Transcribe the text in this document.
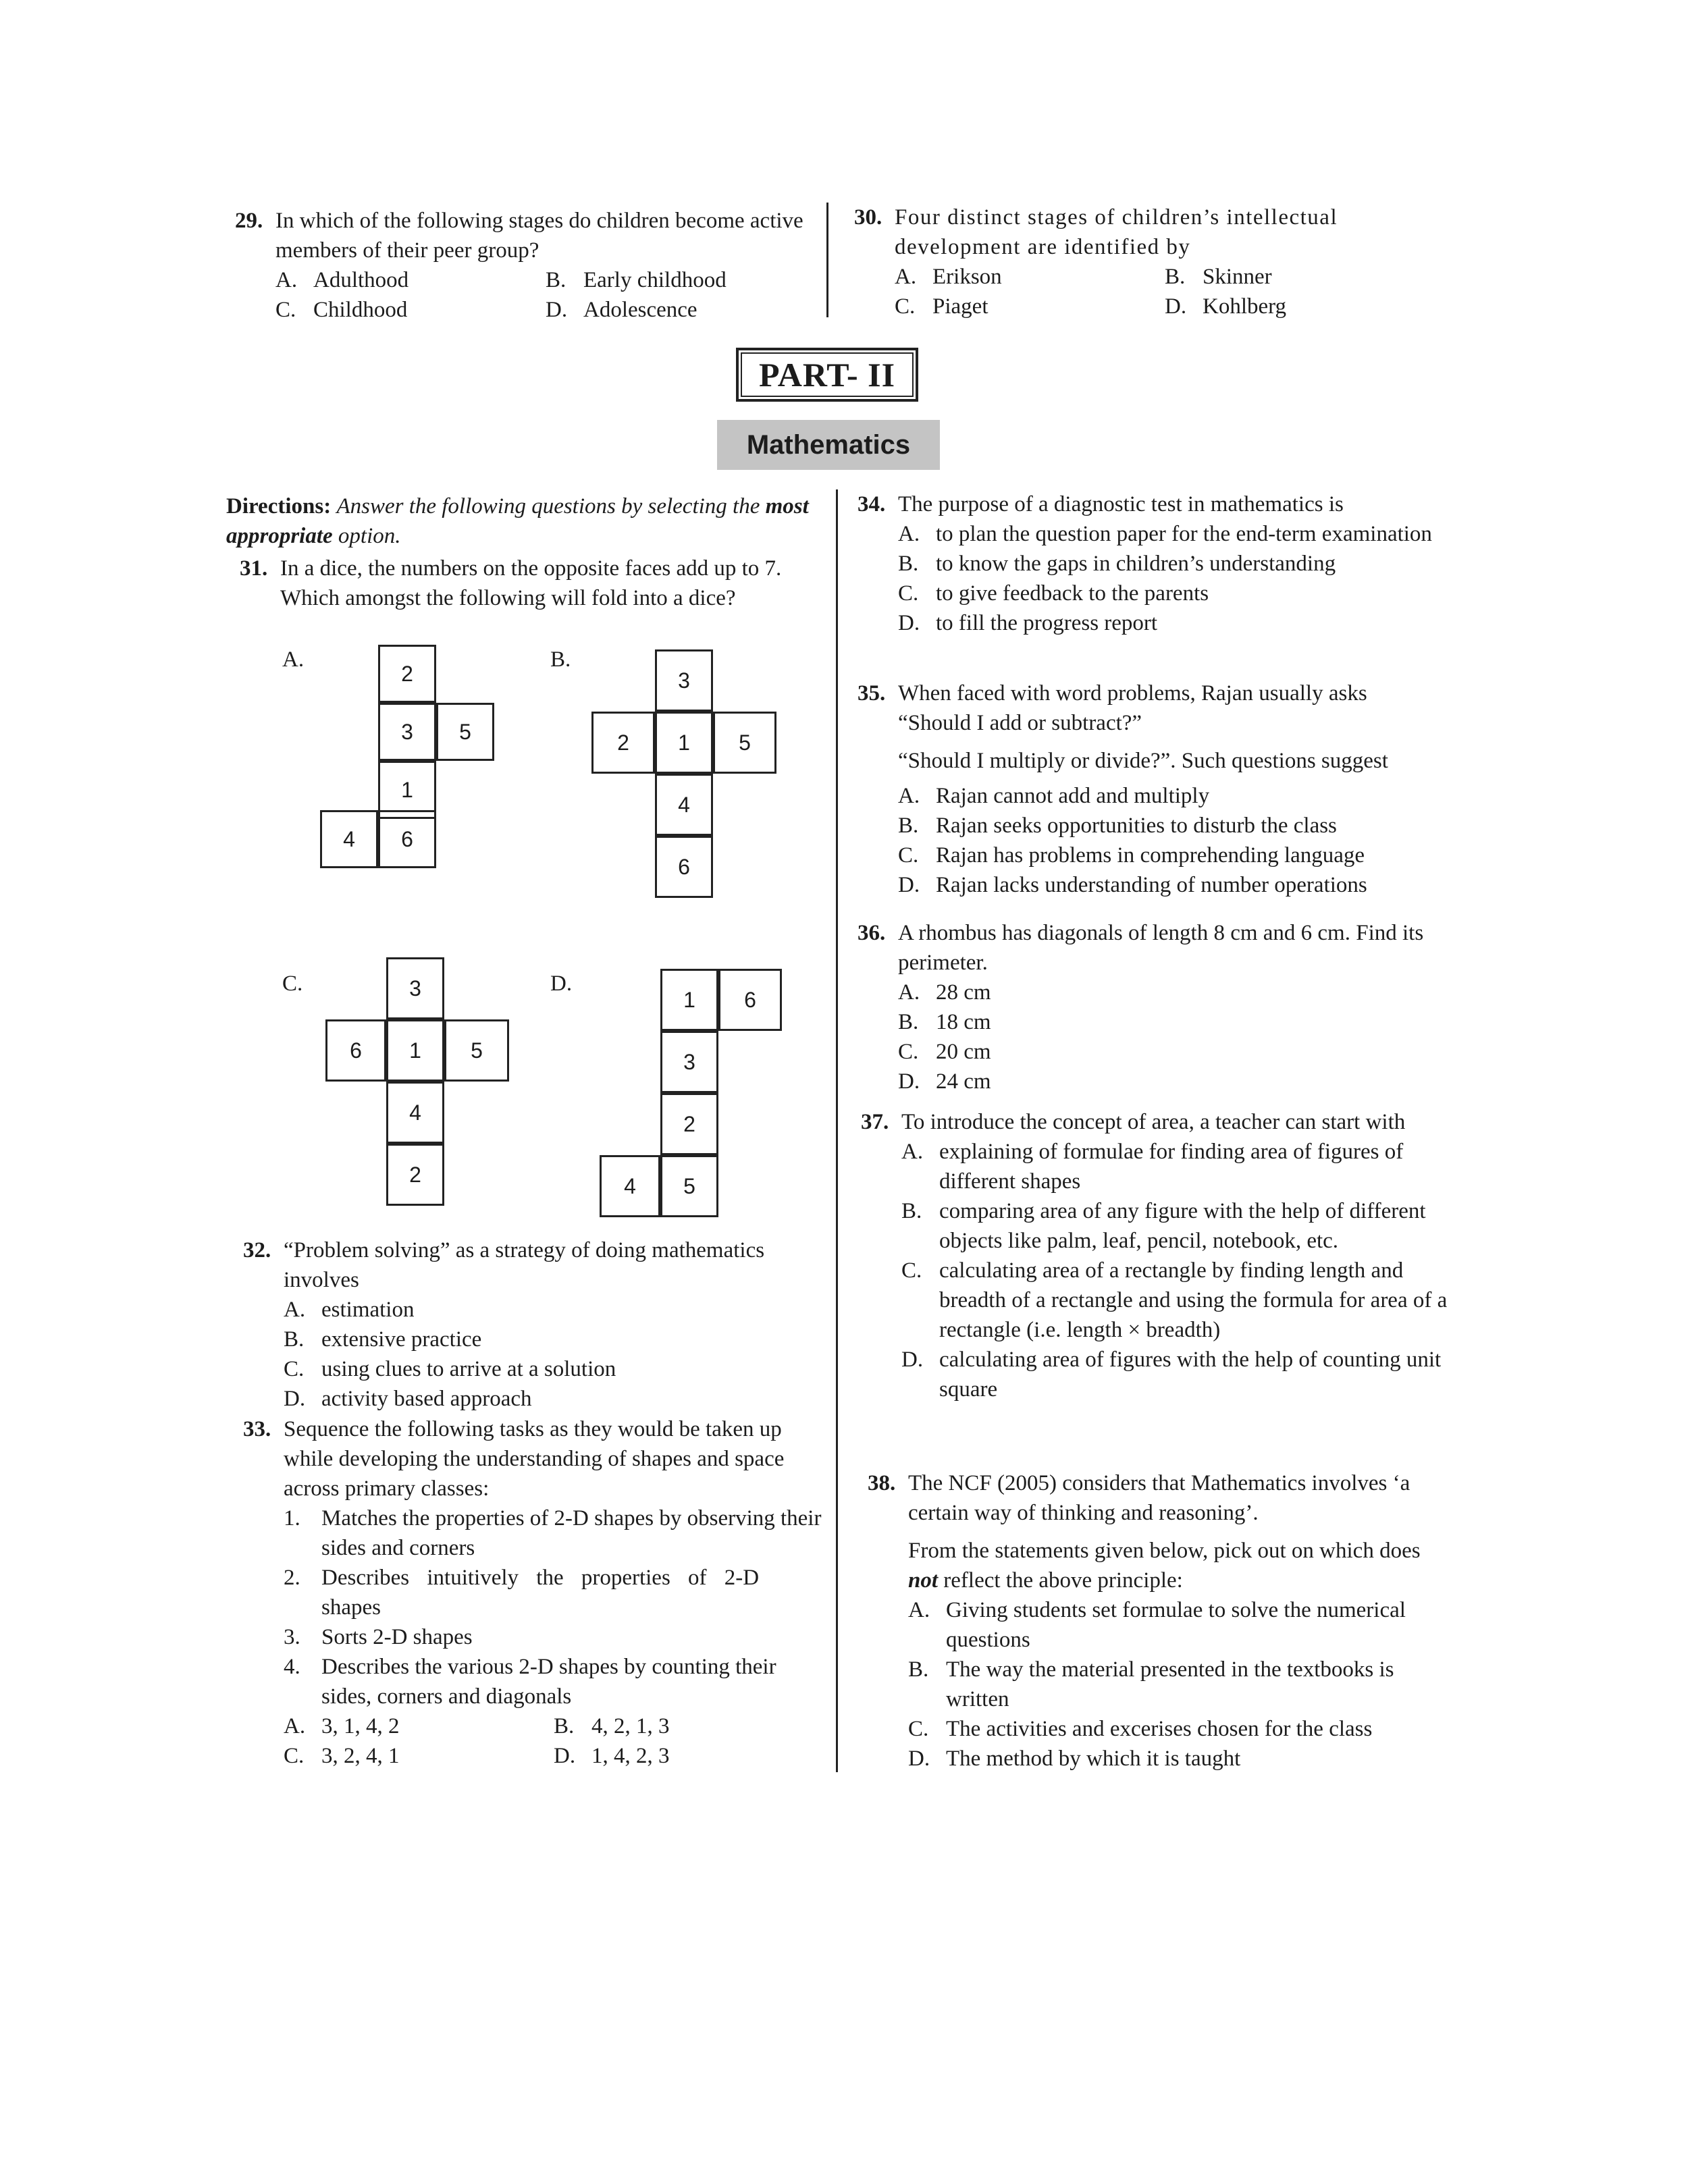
29. In which of the following stages do children become active members of their peer group?
A. Adulthood	B. Early childhood
C. Childhood	D. Adolescence
30. Four distinct stages of children’s intellectual development are identified by
A. Erikson	B. Skinner
C. Piaget	D. Kohlberg
PART- II
Mathematics
Directions: Answer the following questions by selecting the most appropriate option.
31. In a dice, the numbers on the opposite faces add up to 7. Which amongst the following will fold into a dice?
A.
2
3	5
1
4	6
B.
3
2	1	5
4
6
C.	3
6	1	5
4
2
D.
1	6
3
2
4	5
32. “Problem solving” as a strategy of doing mathematics involves
A. estimation
B. extensive practice
C. using clues to arrive at a solution
D. activity based approach
33. Sequence the following tasks as they would be taken up while developing the understanding of shapes and space across primary classes:
1. Matches the properties of 2-D shapes by observing their sides and corners
2. Describes intuitively the properties of 2-D shapes
3. Sorts 2-D shapes
4. Describes the various 2-D shapes by counting their sides, corners and diagonals
A. 3, 1, 4, 2	B. 4, 2, 1, 3
C. 3, 2, 4, 1	D. 1, 4, 2, 3
34. The purpose of a diagnostic test in mathematics is
A. to plan the question paper for the end-term examination
B. to know the gaps in children’s understanding
C. to give feedback to the parents
D. to fill the progress report
35. When faced with word problems, Rajan usually asks “Should I add or subtract?”
“Should I multiply or divide?”. Such questions suggest
A. Rajan cannot add and multiply
B. Rajan seeks opportunities to disturb the class
C. Rajan has problems in comprehending language
D. Rajan lacks understanding of number operations
36. A rhombus has diagonals of length 8 cm and 6 cm. Find its perimeter.
A. 28 cm
B. 18 cm
C. 20 cm
D. 24 cm
37. To introduce the concept of area, a teacher can start with
A. explaining of formulae for finding area of figures of different shapes
B. comparing area of any figure with the help of different objects like palm, leaf, pencil, notebook, etc.
C. calculating area of a rectangle by finding length and breadth of a rectangle and using the formula for area of a rectangle (i.e. length × breadth)
D. calculating area of figures with the help of counting unit square
38. The NCF (2005) considers that Mathematics involves ‘a certain way of thinking and reasoning’.
From the statements given below, pick out on which does not reflect the above principle:
A. Giving students set formulae to solve the numerical questions
B. The way the material presented in the textbooks is written
C. The activities and excerises chosen for the class
D. The method by which it is taught
